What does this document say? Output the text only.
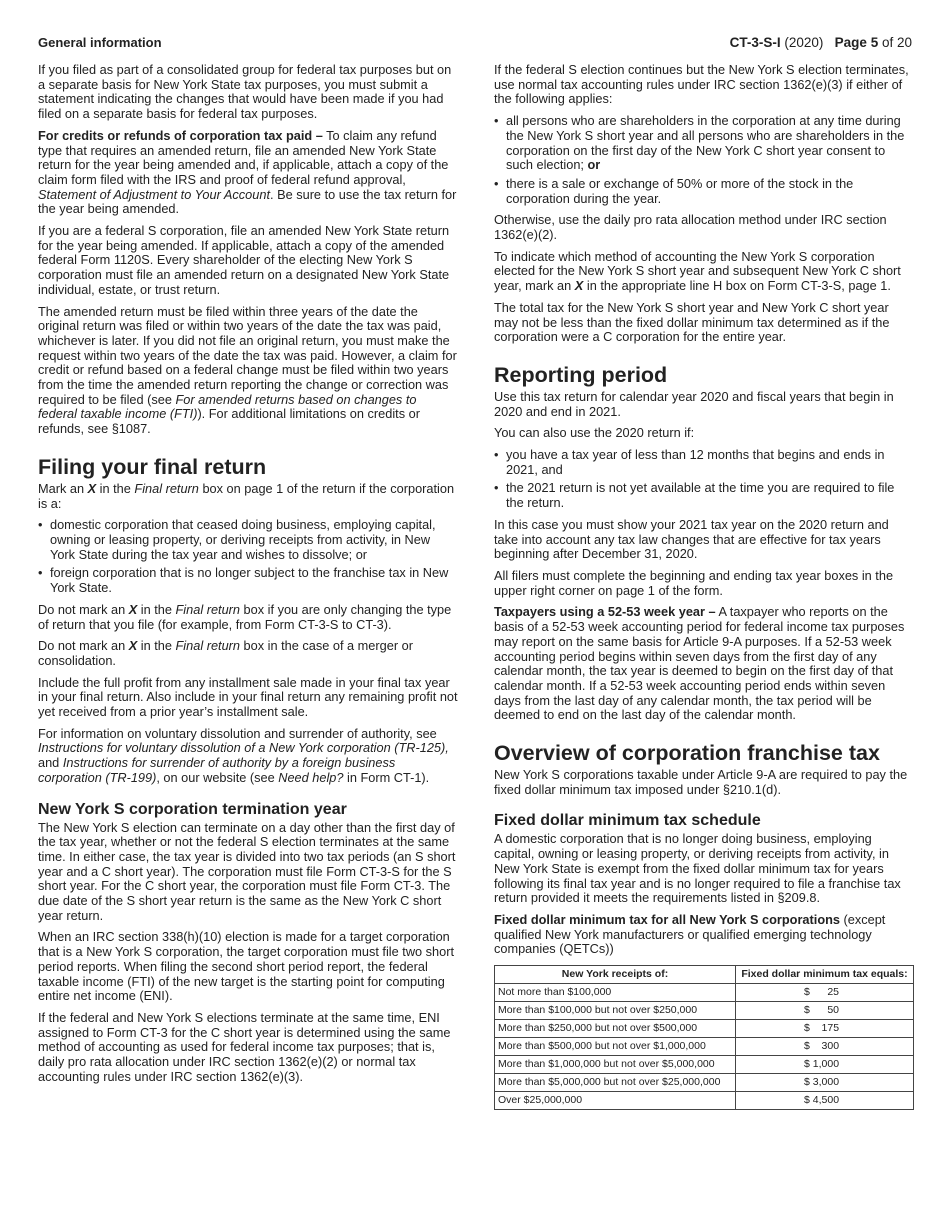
General information	CT-3-S-I (2020) Page 5 of 20

If you filed as part of a consolidated group for federal tax purposes but on a separate basis for New York State tax purposes, you must submit a statement indicating the changes that would have been made if you had filed on a separate basis for federal tax purposes.

For credits or refunds of corporation tax paid – To claim any refund type that requires an amended return, file an amended New York State return for the year being amended and, if applicable, attach a copy of the claim form filed with the IRS and proof of federal refund approval, Statement of Adjustment to Your Account. Be sure to use the tax return for the year being amended.

If you are a federal S corporation, file an amended New York State return for the year being amended. If applicable, attach a copy of the amended federal Form 1120S. Every shareholder of the electing New York S corporation must file an amended return on a designated New York State individual, estate, or trust return.

The amended return must be filed within three years of the date the original return was filed or within two years of the date the tax was paid, whichever is later. If you did not file an original return, you must make the request within two years of the date the tax was paid. However, a claim for credit or refund based on a federal change must be filed within two years from the time the amended return reporting the change or correction was required to be filed (see For amended returns based on changes to federal taxable income (FTI)). For additional limitations on credits or refunds, see §1087.

Filing your final return

Mark an X in the Final return box on page 1 of the return if the corporation is a:

• domestic corporation that ceased doing business, employing capital, owning or leasing property, or deriving receipts from activity, in New York State during the tax year and wishes to dissolve; or
• foreign corporation that is no longer subject to the franchise tax in New York State.

Do not mark an X in the Final return box if you are only changing the type of return that you file (for example, from Form CT-3-S to CT-3).

Do not mark an X in the Final return box in the case of a merger or consolidation.

Include the full profit from any installment sale made in your final tax year in your final return. Also include in your final return any remaining profit not yet received from a prior year’s installment sale.

For information on voluntary dissolution and surrender of authority, see Instructions for voluntary dissolution of a New York corporation (TR-125), and Instructions for surrender of authority by a foreign business corporation (TR-199), on our website (see Need help? in Form CT-1).

New York S corporation termination year

The New York S election can terminate on a day other than the first day of the tax year, whether or not the federal S election terminates at the same time. In either case, the tax year is divided into two tax periods (an S short year and a C short year). The corporation must file Form CT-3-S for the S short year. For the C short year, the corporation must file Form CT-3. The due date of the S short year return is the same as the New York C short year return.

When an IRC section 338(h)(10) election is made for a target corporation that is a New York S corporation, the target corporation must file two short period reports. When filing the second short period report, the federal taxable income (FTI) of the new target is the starting point for computing entire net income (ENI).

If the federal and New York S elections terminate at the same time, ENI assigned to Form CT-3 for the C short year is determined using the same method of accounting as used for federal income tax purposes; that is, daily pro rata allocation under IRC section 1362(e)(2) or normal tax accounting rules under IRC section 1362(e)(3).

If the federal S election continues but the New York S election terminates, use normal tax accounting rules under IRC section 1362(e)(3) if either of the following applies:

• all persons who are shareholders in the corporation at any time during the New York S short year and all persons who are shareholders in the corporation on the first day of the New York C short year consent to such election; or
• there is a sale or exchange of 50% or more of the stock in the corporation during the year.

Otherwise, use the daily pro rata allocation method under IRC section 1362(e)(2).

To indicate which method of accounting the New York S corporation elected for the New York S short year and subsequent New York C short year, mark an X in the appropriate line H box on Form CT-3-S, page 1.

The total tax for the New York S short year and New York C short year may not be less than the fixed dollar minimum tax determined as if the corporation were a C corporation for the entire year.

Reporting period

Use this tax return for calendar year 2020 and fiscal years that begin in 2020 and end in 2021.

You can also use the 2020 return if:

• you have a tax year of less than 12 months that begins and ends in 2021, and
• the 2021 return is not yet available at the time you are required to file the return.

In this case you must show your 2021 tax year on the 2020 return and take into account any tax law changes that are effective for tax years beginning after December 31, 2020.

All filers must complete the beginning and ending tax year boxes in the upper right corner on page 1 of the form.

Taxpayers using a 52-53 week year – A taxpayer who reports on the basis of a 52-53 week accounting period for federal income tax purposes may report on the same basis for Article 9-A purposes. If a 52-53 week accounting period begins within seven days from the first day of any calendar month, the tax year is deemed to begin on the first day of that calendar month. If a 52-53 week accounting period ends within seven days from the last day of any calendar month, the tax period will be deemed to end on the last day of the calendar month.

Overview of corporation franchise tax

New York S corporations taxable under Article 9-A are required to pay the fixed dollar minimum tax imposed under §210.1(d).

Fixed dollar minimum tax schedule

A domestic corporation that is no longer doing business, employing capital, owning or leasing property, or deriving receipts from activity, in New York State is exempt from the fixed dollar minimum tax for years following its final tax year and is no longer required to file a franchise tax return provided it meets the requirements listed in §209.8.

Fixed dollar minimum tax for all New York S corporations (except qualified New York manufacturers or qualified emerging technology companies (QETCs))

New York receipts of:	Fixed dollar minimum tax equals:
Not more than $100,000	$      25
More than $100,000 but not over $250,000	$      50
More than $250,000 but not over $500,000	$    175
More than $500,000 but not over $1,000,000	$    300
More than $1,000,000 but not over $5,000,000	$ 1,000
More than $5,000,000 but not over $25,000,000	$ 3,000
Over $25,000,000	$ 4,500
